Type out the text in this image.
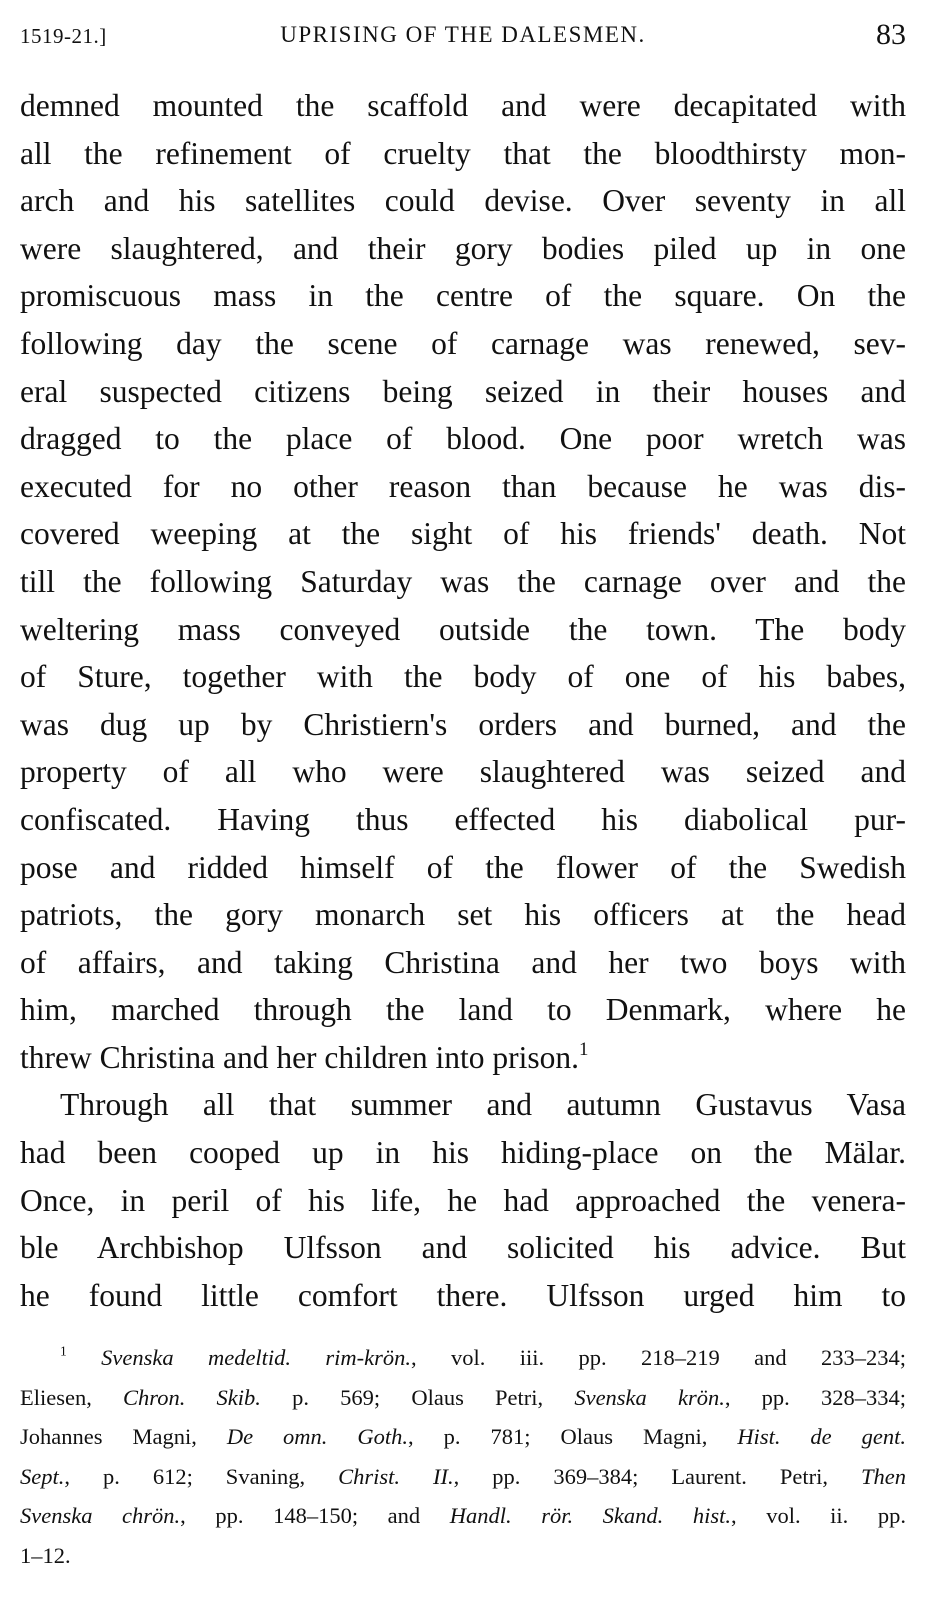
1519-21.]	UPRISING OF THE DALESMEN.	83
demned mounted the scaffold and were decapitated with
all the refinement of cruelty that the bloodthirsty mon-
arch and his satellites could devise. Over seventy in all
were slaughtered, and their gory bodies piled up in one
promiscuous mass in the centre of the square. On the
following day the scene of carnage was renewed, sev-
eral suspected citizens being seized in their houses and
dragged to the place of blood. One poor wretch was
executed for no other reason than because he was dis-
covered weeping at the sight of his friends' death. Not
till the following Saturday was the carnage over and the
weltering mass conveyed outside the town. The body
of Sture, together with the body of one of his babes,
was dug up by Christiern's orders and burned, and the
property of all who were slaughtered was seized and
confiscated. Having thus effected his diabolical pur-
pose and ridded himself of the flower of the Swedish
patriots, the gory monarch set his officers at the head
of affairs, and taking Christina and her two boys with
him, marched through the land to Denmark, where he
threw Christina and her children into prison.$^1$
Through all that summer and autumn Gustavus Vasa
had been cooped up in his hiding-place on the Mälar.
Once, in peril of his life, he had approached the venera-
ble Archbishop Ulfsson and solicited his advice. But
he found little comfort there. Ulfsson urged him to
$^1$ Svenska medeltid. rim-krön., vol. iii. pp. 218–219 and 233–234;
Eliesen, Chron. Skib. p. 569; Olaus Petri, Svenska krön., pp. 328–334;
Johannes Magni, De omn. Goth., p. 781; Olaus Magni, Hist. de gent.
Sept., p. 612; Svaning, Christ. II., pp. 369–384; Laurent. Petri, Then
Svenska chrön., pp. 148–150; and Handl. rör. Skand. hist., vol. ii. pp.
1–12.
